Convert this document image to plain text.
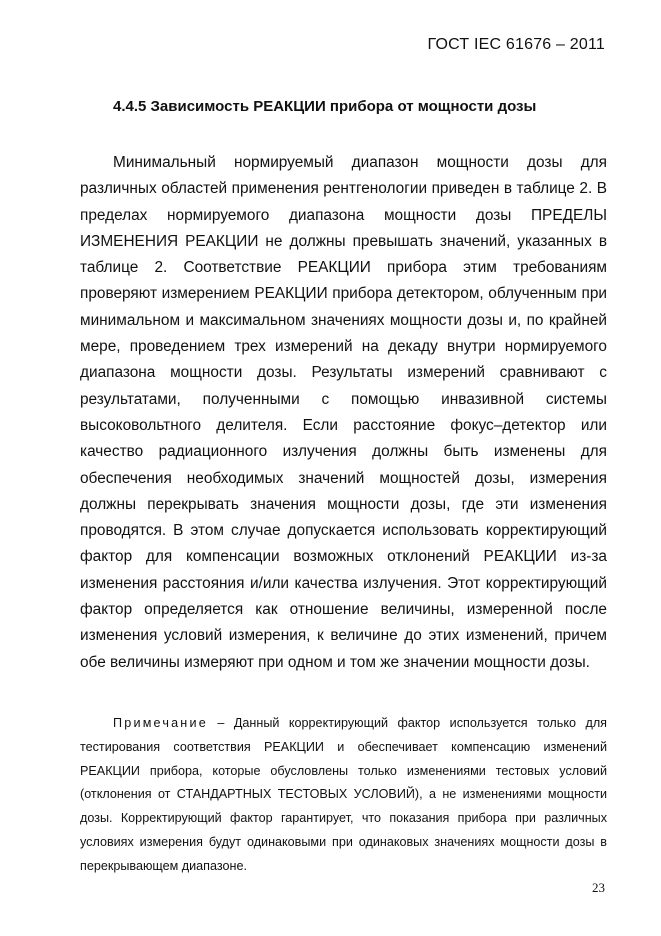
ГОСТ IEC 61676 – 2011
4.4.5 Зависимость РЕАКЦИИ прибора от мощности дозы

Минимальный нормируемый диапазон мощности дозы для различных областей применения рентгенологии приведен в таблице 2. В пределах нормируемого диапазона мощности дозы ПРЕДЕЛЫ ИЗМЕНЕНИЯ РЕАКЦИИ не должны превышать значений, указанных в таблице 2. Соответствие РЕАКЦИИ прибора этим требованиям проверяют измерением РЕАКЦИИ прибора детектором, облученным при минимальном и максимальном значениях мощности дозы и, по крайней мере, проведением трех измерений на декаду внутри нормируемого диапазона мощности дозы. Результаты измерений сравнивают с результатами, полученными с помощью инвазивной системы высоковольтного делителя. Если расстояние фокус–детектор или качество радиационного излучения должны быть изменены для обеспечения необходимых значений мощностей дозы, измерения должны перекрывать значения мощности дозы, где эти изменения проводятся. В этом случае допускается использовать корректирующий фактор для компенсации возможных отклонений РЕАКЦИИ из-за изменения расстояния и/или качества излучения. Этот корректирующий фактор определяется как отношение величины, измеренной после изменения условий измерения, к величине до этих изменений, причем обе величины измеряют при одном и том же значении мощности дозы.

Примечание – Данный корректирующий фактор используется только для тестирования соответствия РЕАКЦИИ и обеспечивает компенсацию изменений РЕАКЦИИ прибора, которые обусловлены только изменениями тестовых условий (отклонения от СТАНДАРТНЫХ ТЕСТОВЫХ УСЛОВИЙ), а не изменениями мощности дозы. Корректирующий фактор гарантирует, что показания прибора при различных условиях измерения будут одинаковыми при одинаковых значениях мощности дозы в перекрывающем диапазоне.

23
